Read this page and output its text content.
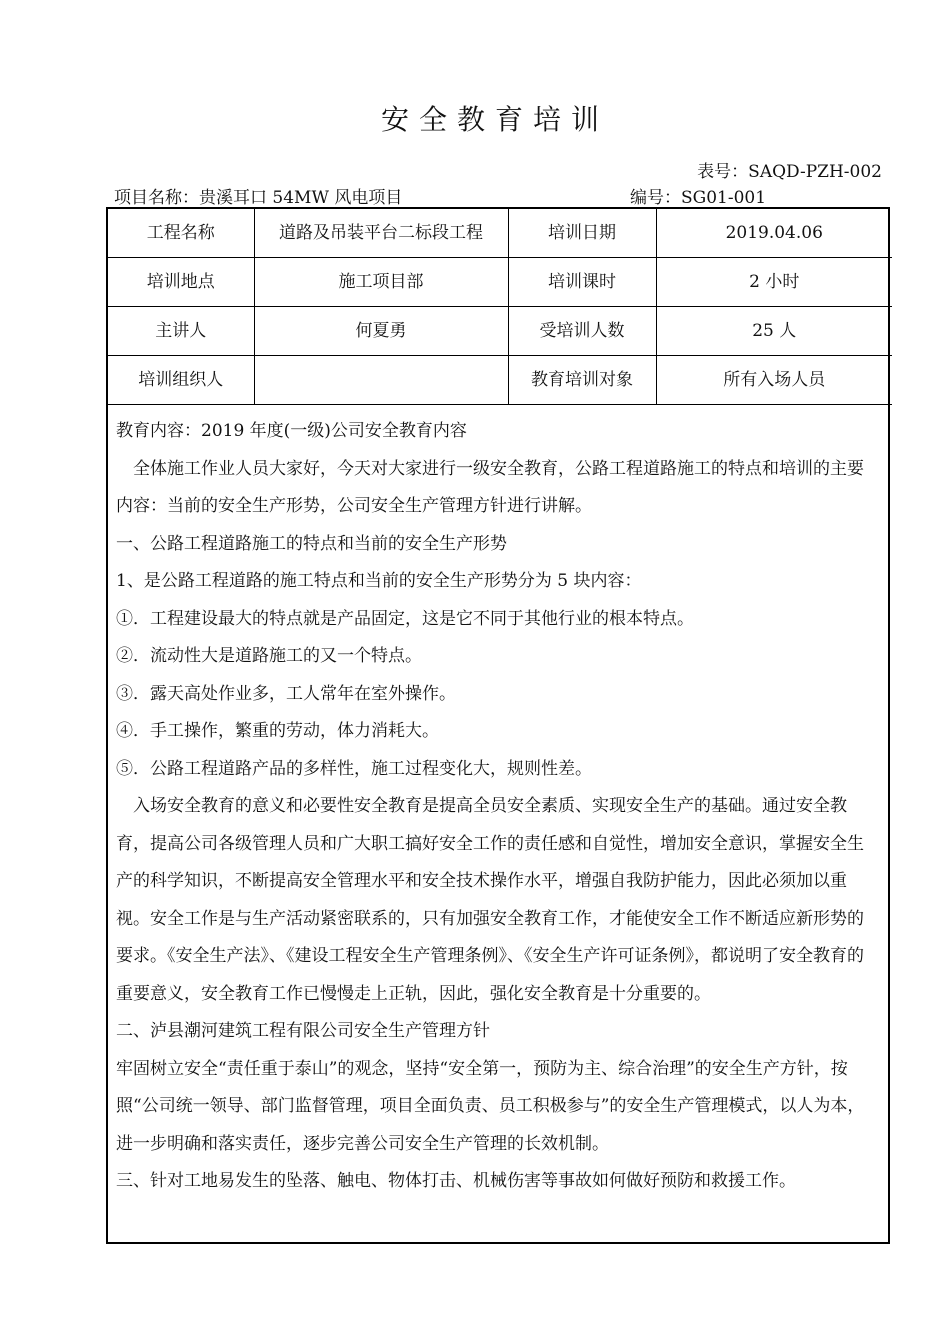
安全教育培训
表号：SAQD-PZH-002
项目名称：贵溪耳口 54MW 风电项目	编号：SG01-001
工程名称	道路及吊装平台二标段工程	培训日期	2019.04.06
培训地点	施工项目部	培训课时	2 小时
主讲人	何夏勇	受培训人数	25 人
培训组织人		教育培训对象	所有入场人员

教育内容：2019 年度(一级)公司安全教育内容

全体施工作业人员大家好，今天对大家进行一级安全教育，公路工程道路施工的特点和培训的主要内容：当前的安全生产形势，公司安全生产管理方针进行讲解。

一、公路工程道路施工的特点和当前的安全生产形势

1、是公路工程道路的施工特点和当前的安全生产形势分为 5 块内容：

①．工程建设最大的特点就是产品固定，这是它不同于其他行业的根本特点。

②．流动性大是道路施工的又一个特点。

③．露天高处作业多，工人常年在室外操作。

④．手工操作，繁重的劳动，体力消耗大。

⑤．公路工程道路产品的多样性，施工过程变化大，规则性差。

入场安全教育的意义和必要性安全教育是提高全员安全素质、实现安全生产的基础。通过安全教育，提高公司各级管理人员和广大职工搞好安全工作的责任感和自觉性，增加安全意识，掌握安全生产的科学知识，不断提高安全管理水平和安全技术操作水平，增强自我防护能力，因此必须加以重视。安全工作是与生产活动紧密联系的，只有加强安全教育工作，才能使安全工作不断适应新形势的要求。《安全生产法》、《建设工程安全生产管理条例》、《安全生产许可证条例》，都说明了安全教育的重要意义，安全教育工作已慢慢走上正轨，因此，强化安全教育是十分重要的。

二、泸县潮河建筑工程有限公司安全生产管理方针

牢固树立安全“责任重于泰山”的观念，坚持“安全第一，预防为主、综合治理”的安全生产方针，按照“公司统一领导、部门监督管理，项目全面负责、员工积极参与”的安全生产管理模式，以人为本，进一步明确和落实责任，逐步完善公司安全生产管理的长效机制。

三、针对工地易发生的坠落、触电、物体打击、机械伤害等事故如何做好预防和救援工作。
